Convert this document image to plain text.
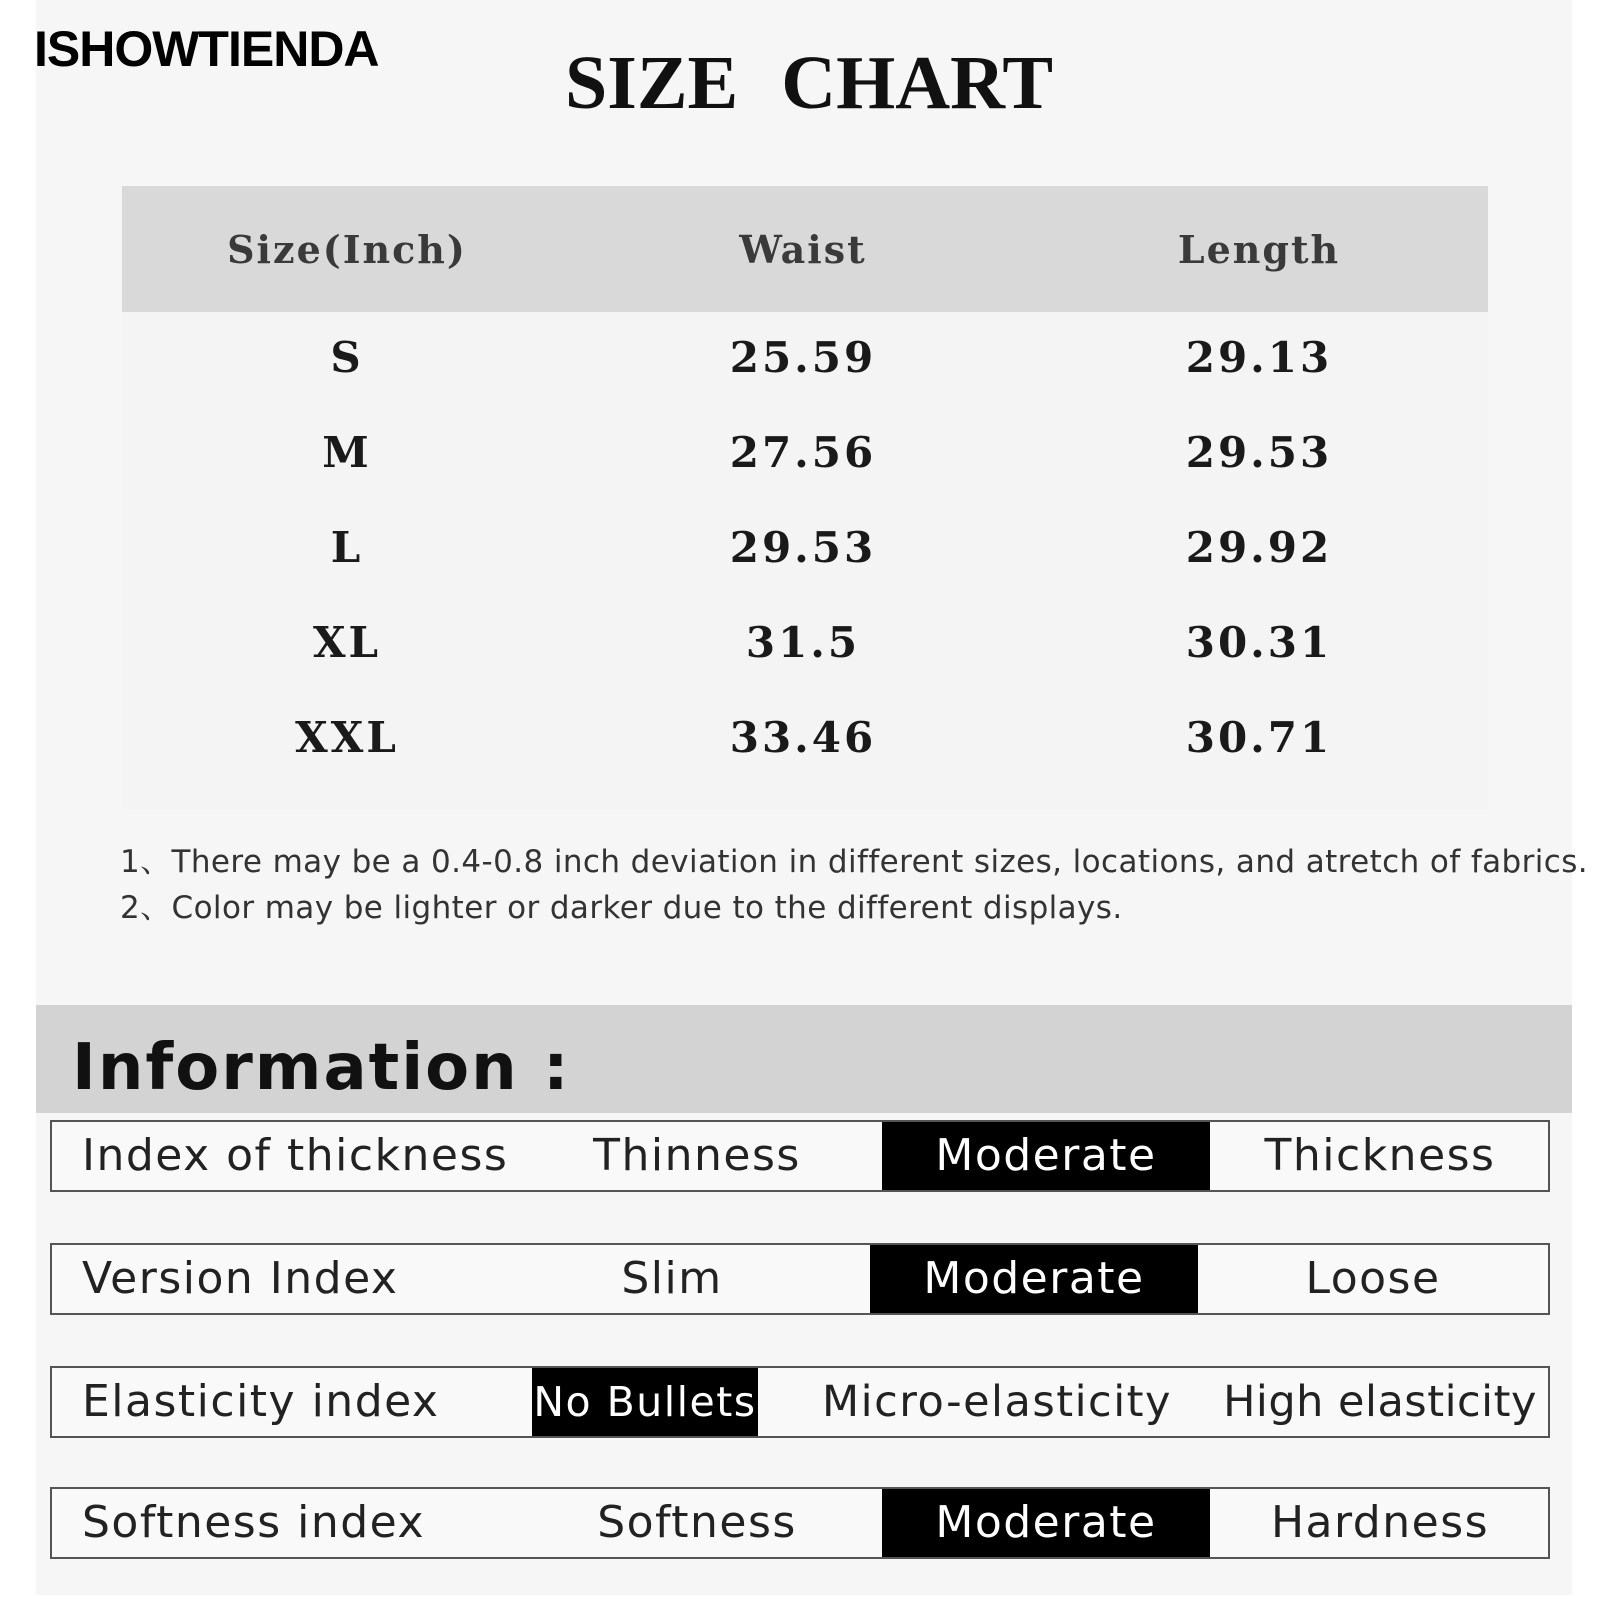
ISHOWTIENDA SIZE CHART
Size(Inch)	Waist	Length
S	25.59	29.13
M	27.56	29.53
L	29.53	29.92
XL	31.5	30.31
XXL	33.46	30.71
1、There may be a 0.4-0.8 inch deviation in different sizes, locations, and atretch of fabrics.
2、Color may be lighter or darker due to the different displays.
Information :
Index of thickness	Thinness	Moderate	Thickness
Version Index	Slim	Moderate	Loose
Elasticity index	No Bullets	Micro-elasticity	High elasticity
Softness index	Softness	Moderate	Hardness
